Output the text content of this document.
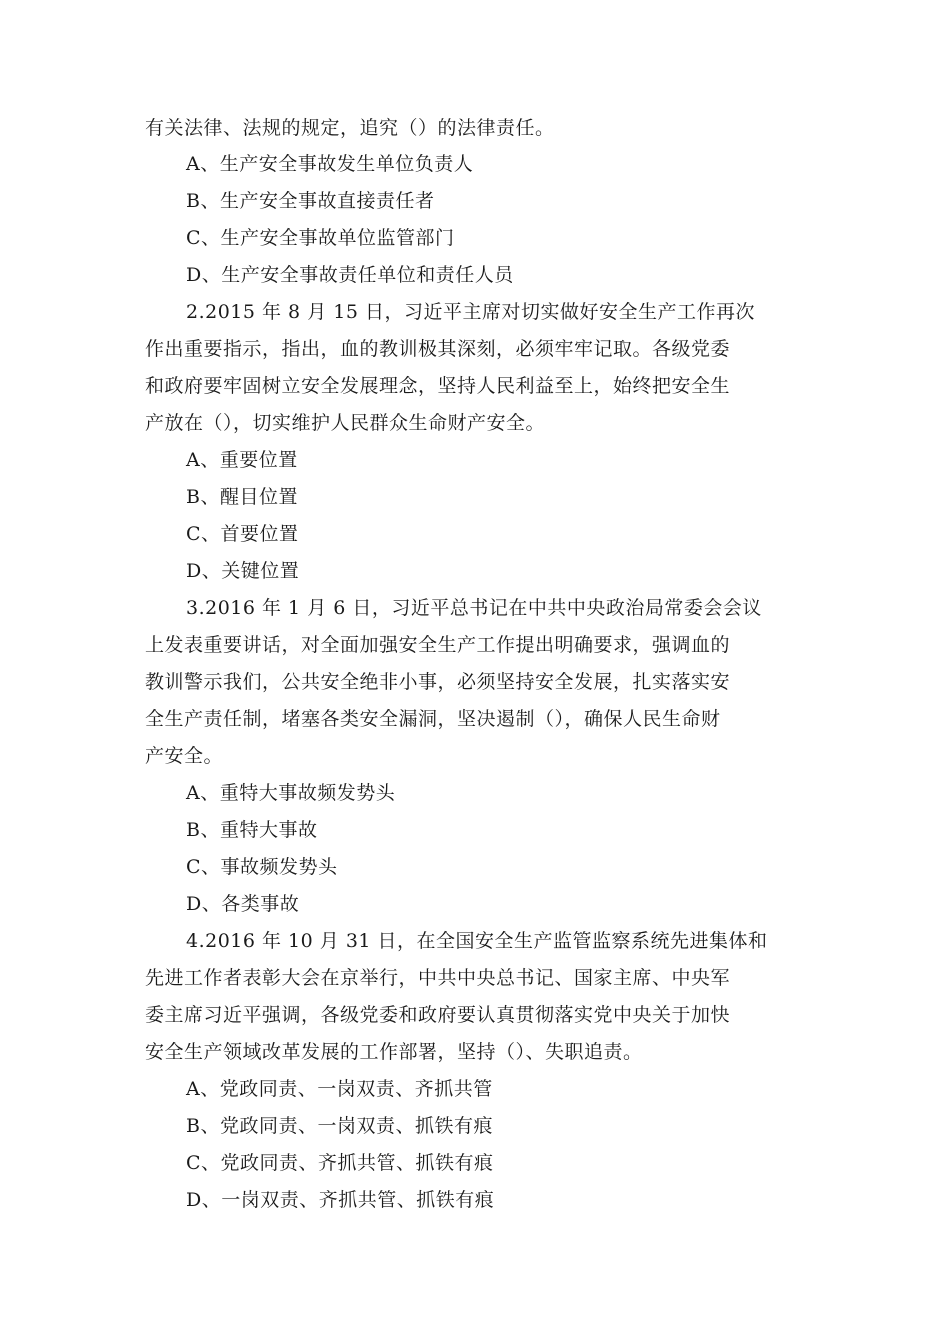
有关法律、法规的规定，追究（）的法律责任。
A、生产安全事故发生单位负责人
B、生产安全事故直接责任者
C、生产安全事故单位监管部门
D、生产安全事故责任单位和责任人员
2.2015 年 8 月 15 日，习近平主席对切实做好安全生产工作再次
作出重要指示，指出，血的教训极其深刻，必须牢牢记取。各级党委
和政府要牢固树立安全发展理念，坚持人民利益至上，始终把安全生
产放在（），切实维护人民群众生命财产安全。
A、重要位置
B、醒目位置
C、首要位置
D、关键位置
3.2016 年 1 月 6 日，习近平总书记在中共中央政治局常委会会议
上发表重要讲话，对全面加强安全生产工作提出明确要求，强调血的
教训警示我们，公共安全绝非小事，必须坚持安全发展，扎实落实安
全生产责任制，堵塞各类安全漏洞，坚决遏制（），确保人民生命财
产安全。
A、重特大事故频发势头
B、重特大事故
C、事故频发势头
D、各类事故
4.2016 年 10 月 31 日，在全国安全生产监管监察系统先进集体和
先进工作者表彰大会在京举行，中共中央总书记、国家主席、中央军
委主席习近平强调，各级党委和政府要认真贯彻落实党中央关于加快
安全生产领域改革发展的工作部署，坚持（）、失职追责。
A、党政同责、一岗双责、齐抓共管
B、党政同责、一岗双责、抓铁有痕
C、党政同责、齐抓共管、抓铁有痕
D、一岗双责、齐抓共管、抓铁有痕
